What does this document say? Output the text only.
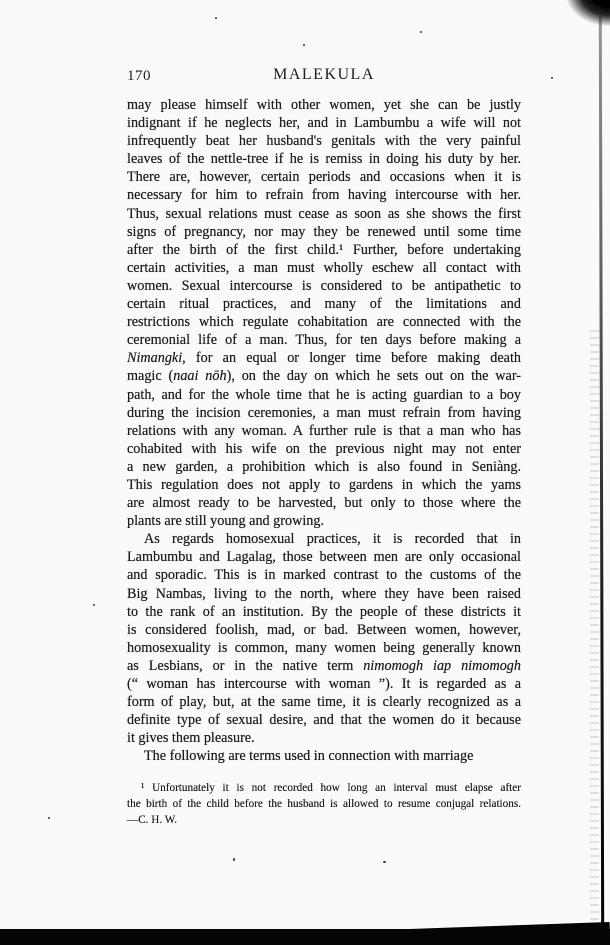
170	MALEKULA
may please himself with other women, yet she can be justly
indignant if he neglects her, and in Lambumbu a wife will not
infrequently beat her husband's genitals with the very painful
leaves of the nettle-tree if he is remiss in doing his duty by her.
There are, however, certain periods and occasions when it is
necessary for him to refrain from having intercourse with her.
Thus, sexual relations must cease as soon as she shows the first
signs of pregnancy, nor may they be renewed until some time
after the birth of the first child.¹ Further, before undertaking
certain activities, a man must wholly eschew all contact with
women. Sexual intercourse is considered to be antipathetic to
certain ritual practices, and many of the limitations and
restrictions which regulate cohabitation are connected with the
ceremonial life of a man. Thus, for ten days before making a
Nimangki, for an equal or longer time before making death
magic (naai nōh), on the day on which he sets out on the war-
path, and for the whole time that he is acting guardian to a boy
during the incision ceremonies, a man must refrain from having
relations with any woman. A further rule is that a man who has
cohabited with his wife on the previous night may not enter
a new garden, a prohibition which is also found in Seniàng.
This regulation does not apply to gardens in which the yams
are almost ready to be harvested, but only to those where the
plants are still young and growing.
As regards homosexual practices, it is recorded that in
Lambumbu and Lagalag, those between men are only occasional
and sporadic. This is in marked contrast to the customs of the
Big Nambas, living to the north, where they have been raised
to the rank of an institution. By the people of these districts it
is considered foolish, mad, or bad. Between women, however,
homosexuality is common, many women being generally known
as Lesbians, or in the native term nimomogh iap nimomogh
(“ woman has intercourse with woman ”). It is regarded as a
form of play, but, at the same time, it is clearly recognized as a
definite type of sexual desire, and that the women do it because
it gives them pleasure.
The following are terms used in connection with marriage
¹ Unfortunately it is not recorded how long an interval must elapse after
the birth of the child before the husband is allowed to resume conjugal relations.
—C. H. W.
